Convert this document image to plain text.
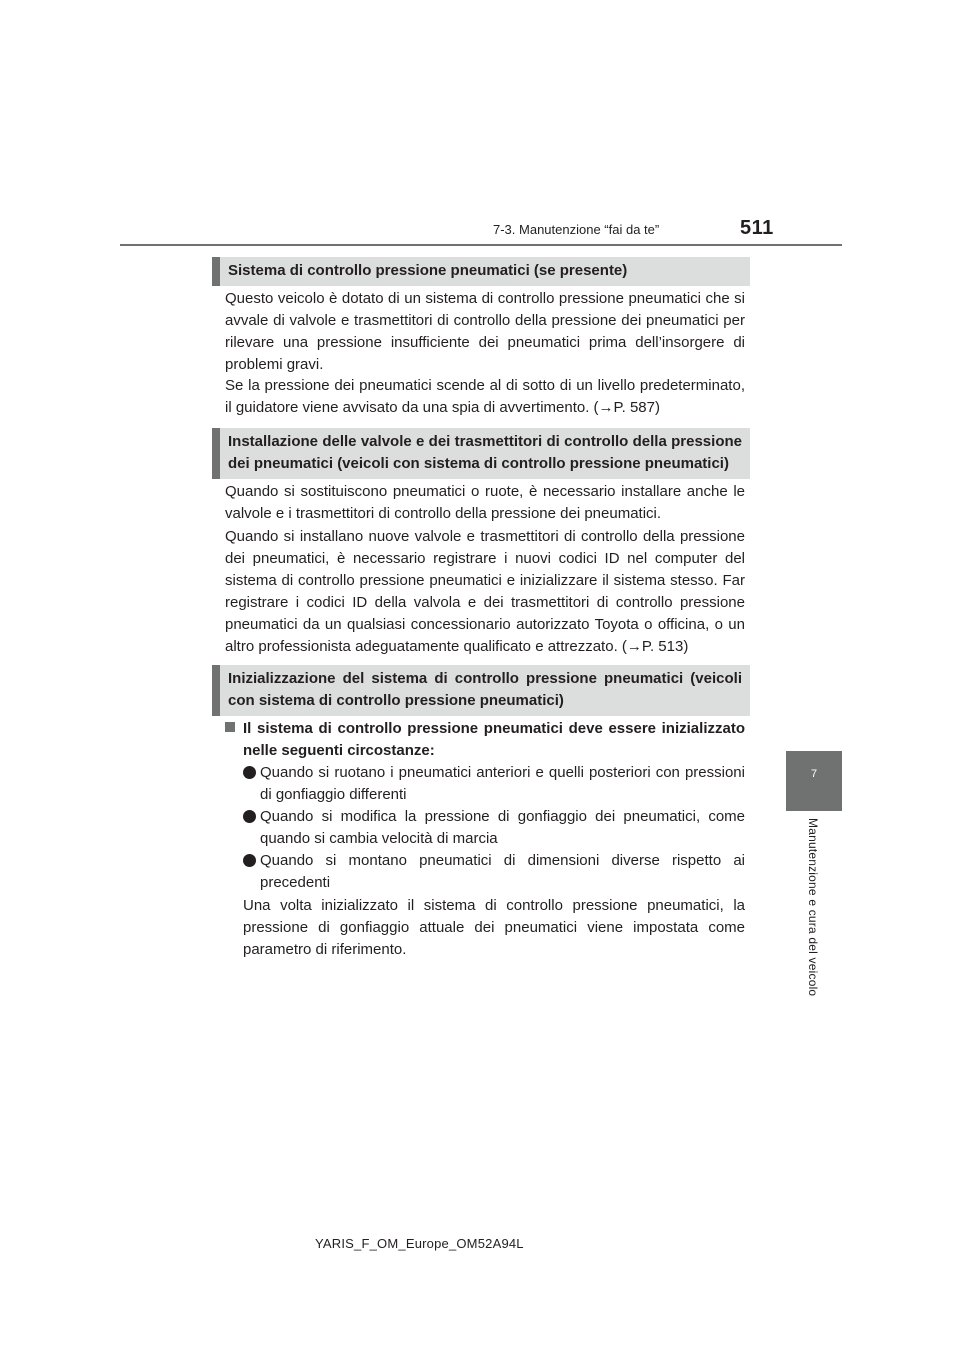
7-3. Manutenzione “fai da te”	511
7
Manutenzione e cura del veicolo
Sistema di controllo pressione pneumatici (se presente)

Questo veicolo è dotato di un sistema di controllo pressione pneumatici che si avvale di valvole e trasmettitori di controllo della pressione dei pneumatici per rilevare una pressione insufficiente dei pneumatici prima dell’insorgere di problemi gravi.

Se la pressione dei pneumatici scende al di sotto di un livello predeterminato, il guidatore viene avvisato da una spia di avvertimento. (→P. 587)

Installazione delle valvole e dei trasmettitori di controllo della pressione dei pneumatici (veicoli con sistema di controllo pressione pneumatici)

Quando si sostituiscono pneumatici o ruote, è necessario installare anche le valvole e i trasmettitori di controllo della pressione dei pneumatici.

Quando si installano nuove valvole e trasmettitori di controllo della pressione dei pneumatici, è necessario registrare i nuovi codici ID nel computer del sistema di controllo pressione pneumatici e inizializzare il sistema stesso. Far registrare i codici ID della valvola e dei trasmettitori di controllo pressione pneumatici da un qualsiasi concessionario autorizzato Toyota o officina, o un altro professionista adeguatamente qualificato e attrezzato. (→P. 513)

Inizializzazione del sistema di controllo pressione pneumatici (veicoli con sistema di controllo pressione pneumatici)
Il sistema di controllo pressione pneumatici deve essere inizializzato nelle seguenti circostanze:
Quando si ruotano i pneumatici anteriori e quelli posteriori con pressioni di gonfiaggio differenti
Quando si modifica la pressione di gonfiaggio dei pneumatici, come quando si cambia velocità di marcia
Quando si montano pneumatici di dimensioni diverse rispetto ai precedenti

Una volta inizializzato il sistema di controllo pressione pneumatici, la pressione di gonfiaggio attuale dei pneumatici viene impostata come parametro di riferimento.

YARIS_F_OM_Europe_OM52A94L
